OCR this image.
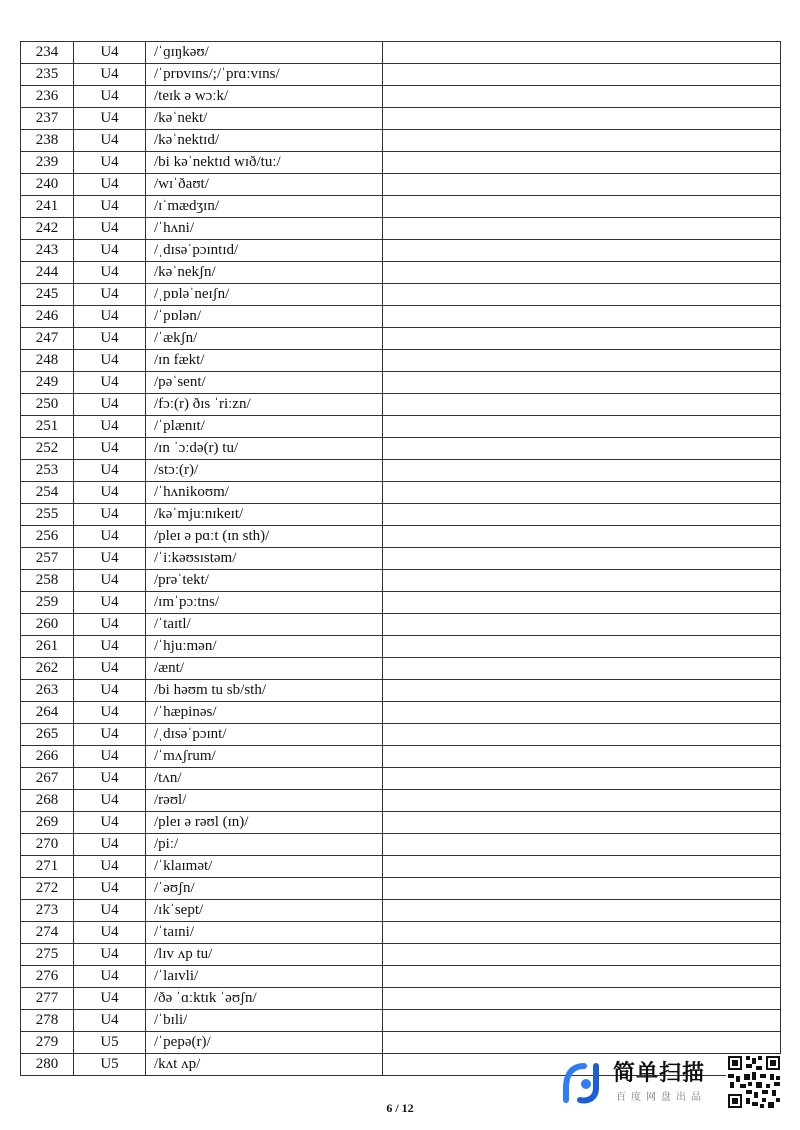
234	U4	/ˈɡɪŋkəʊ/	
235	U4	/ˈprɒvɪns/;/ˈprɑːvɪns/	
236	U4	/teɪk ə wɔːk/	
237	U4	/kəˈnekt/	
238	U4	/kəˈnektɪd/	
239	U4	/bi kəˈnektɪd wɪð/tuː/	
240	U4	/wɪˈðaʊt/	
241	U4	/ɪˈmædʒɪn/	
242	U4	/ˈhʌni/	
243	U4	/ˌdɪsəˈpɔɪntɪd/	
244	U4	/kəˈnekʃn/	
245	U4	/ˌpɒləˈneɪʃn/	
246	U4	/ˈpɒlən/	
247	U4	/ˈækʃn/	
248	U4	/ɪn fækt/	
249	U4	/pəˈsent/	
250	U4	/fɔː(r) ðɪs ˈriːzn/	
251	U4	/ˈplænɪt/	
252	U4	/ɪn ˈɔːdə(r) tu/	
253	U4	/stɔː(r)/	
254	U4	/ˈhʌnikoʊm/	
255	U4	/kəˈmjuːnɪkeɪt/	
256	U4	/pleɪ ə pɑːt (ɪn sth)/	
257	U4	/ˈiːkəʊsɪstəm/	
258	U4	/prəˈtekt/	
259	U4	/ɪmˈpɔːtns/	
260	U4	/ˈtaɪtl/	
261	U4	/ˈhjuːmən/	
262	U4	/ænt/	
263	U4	/bi həʊm tu sb/sth/	
264	U4	/ˈhæpinəs/	
265	U4	/ˌdɪsəˈpɔɪnt/	
266	U4	/ˈmʌʃrum/	
267	U4	/tʌn/	
268	U4	/rəʊl/	
269	U4	/pleɪ ə rəʊl (ɪn)/	
270	U4	/piː/	
271	U4	/ˈklaɪmət/	
272	U4	/ˈəʊʃn/	
273	U4	/ɪkˈsept/	
274	U4	/ˈtaɪni/	
275	U4	/lɪv ʌp tu/	
276	U4	/ˈlaɪvli/	
277	U4	/ðə ˈɑːktɪk ˈəʊʃn/	
278	U4	/ˈbɪli/	
279	U5	/ˈpepə(r)/	
280	U5	/kʌt ʌp/	
6 / 12
简单扫描
百度网盘出品
